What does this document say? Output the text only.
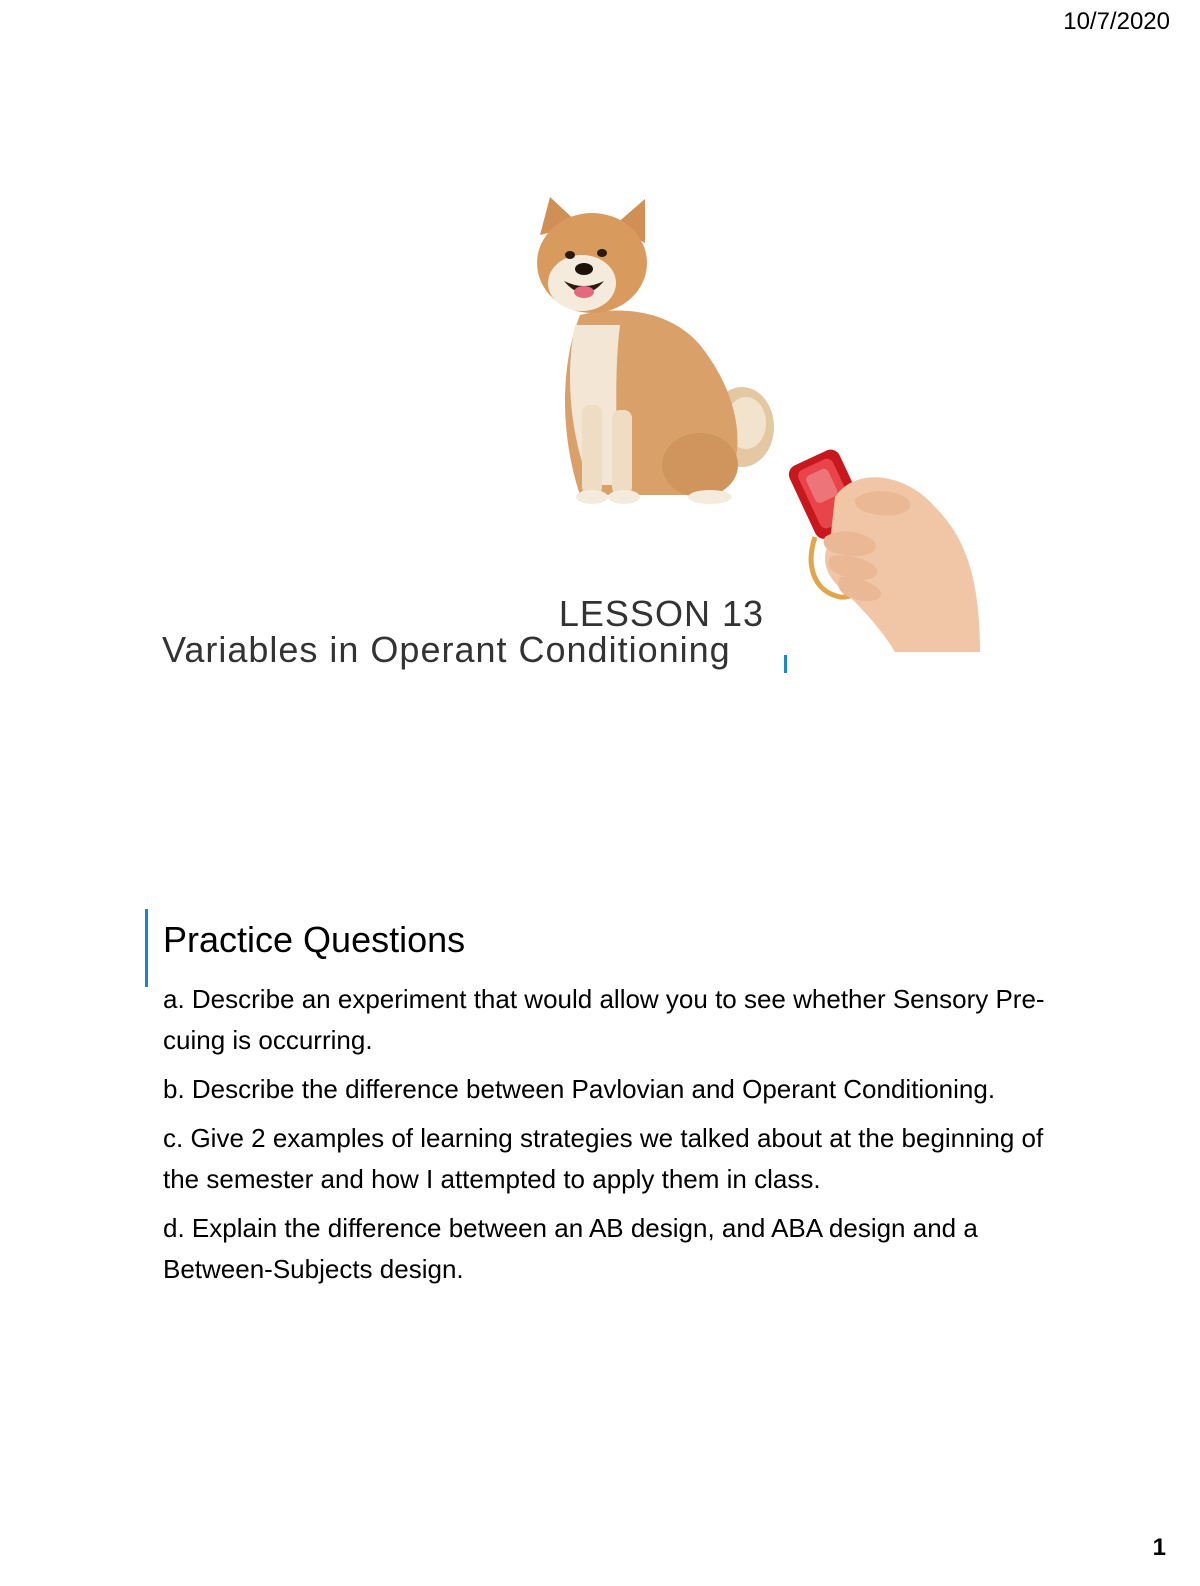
10/7/2020
LESSON 13
Variables in Operant Conditioning
Practice Questions
a. Describe an experiment that would allow you to see whether Sensory Pre-cuing is occurring.
b. Describe the difference between Pavlovian and Operant Conditioning.
c. Give 2 examples of learning strategies we talked about at the beginning of the semester and how I attempted to apply them in class.
d. Explain the difference between an AB design, and ABA design and a Between-Subjects design.
1
